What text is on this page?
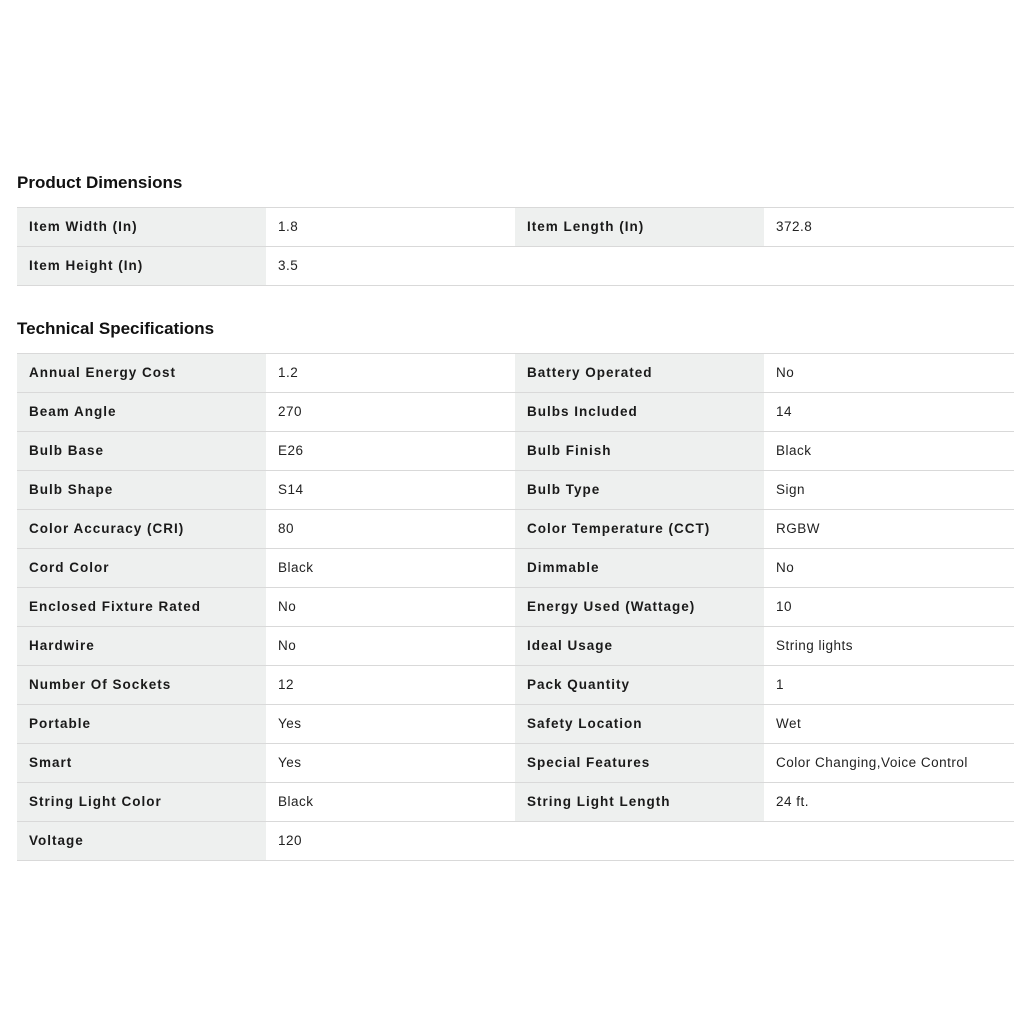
Product Dimensions
Item Width (In)	1.8	Item Length (In)	372.8
Item Height (In)	3.5
Technical Specifications
Annual Energy Cost	1.2	Battery Operated	No
Beam Angle	270	Bulbs Included	14
Bulb Base	E26	Bulb Finish	Black
Bulb Shape	S14	Bulb Type	Sign
Color Accuracy (CRI)	80	Color Temperature (CCT)	RGBW
Cord Color	Black	Dimmable	No
Enclosed Fixture Rated	No	Energy Used (Wattage)	10
Hardwire	No	Ideal Usage	String lights
Number Of Sockets	12	Pack Quantity	1
Portable	Yes	Safety Location	Wet
Smart	Yes	Special Features	Color Changing,Voice Control
String Light Color	Black	String Light Length	24 ft.
Voltage	120
